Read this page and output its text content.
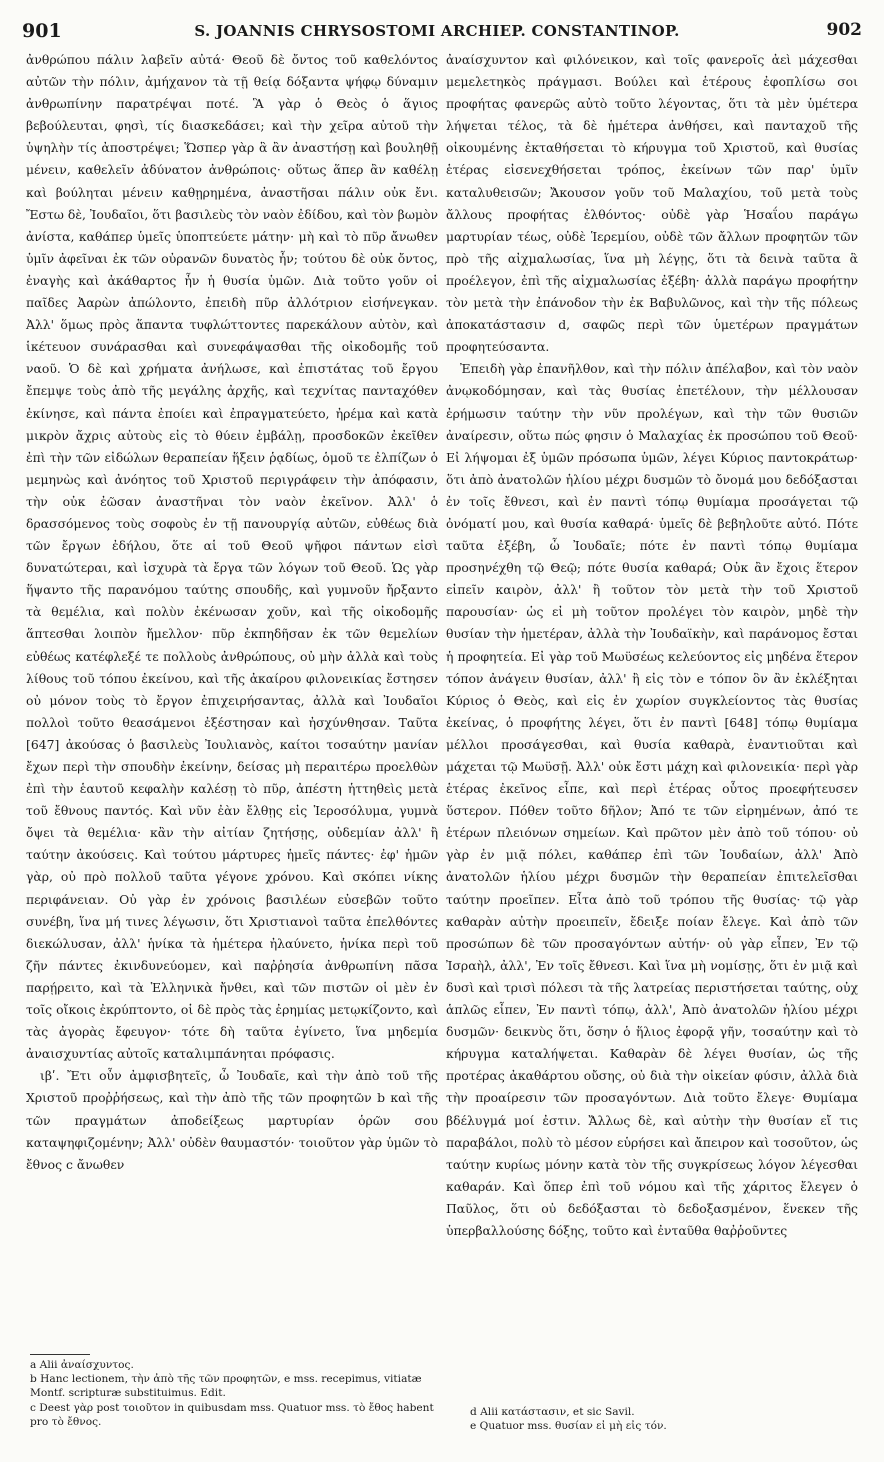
901	S. JOANNIS CHRYSOSTOMI ARCHIEP. CONSTANTINOP.	902

ἀνθρώπου πάλιν λαβεῖν αὐτά· Θεοῦ δὲ ὄντος τοῦ καθελόντος αὐτῶν τὴν πόλιν, ἀμήχανον τὰ τῇ θείᾳ δόξαντα ψήφῳ δύναμιν ἀνθρωπίνην παρατρέψαι ποτέ. Ἃ γὰρ ὁ Θεὸς ὁ ἅγιος βεβούλευται, φησὶ, τίς διασκεδάσει; καὶ τὴν χεῖρα αὐτοῦ τὴν ὑψηλὴν τίς ἀποστρέψει; Ὥσπερ γὰρ ἃ ἂν ἀναστήσῃ καὶ βουληθῇ μένειν, καθελεῖν ἀδύνατον ἀνθρώποις· οὕτως ἅπερ ἂν καθέλῃ καὶ βούληται μένειν καθῃρημένα, ἀναστῆσαι πάλιν οὐκ ἔνι. Ἔστω δὲ, Ἰουδαῖοι, ὅτι βασιλεὺς τὸν ναὸν ἐδίδου, καὶ τὸν βωμὸν ἀνίστα, καθάπερ ὑμεῖς ὑποπτεύετε μάτην· μὴ καὶ τὸ πῦρ ἄνωθεν ὑμῖν ἀφεῖναι ἐκ τῶν οὐρανῶν δυνατὸς ἦν; τούτου δὲ οὐκ ὄντος, ἐναγὴς καὶ ἀκάθαρτος ἦν ἡ θυσία ὑμῶν. Διὰ τοῦτο γοῦν οἱ παῖδες Ἀαρὼν ἀπώλοντο, ἐπειδὴ πῦρ ἀλλότριον εἰσήνεγκαν. Ἀλλ' ὅμως πρὸς ἅπαντα τυφλώττοντες παρεκάλουν αὐτὸν, καὶ ἱκέτευον συνάρασθαι καὶ συνεφάψασθαι τῆς οἰκοδομῆς τοῦ ναοῦ. Ὁ δὲ καὶ χρήματα ἀνήλωσε, καὶ ἐπιστάτας τοῦ ἔργου ἔπεμψε τοὺς ἀπὸ τῆς μεγάλης ἀρχῆς, καὶ τεχνίτας πανταχόθεν ἐκίνησε, καὶ πάντα ἐποίει καὶ ἐπραγματεύετο, ἠρέμα καὶ κατὰ μικρὸν ἄχρις αὐτοὺς εἰς τὸ θύειν ἐμβάλῃ, προσδοκῶν ἐκεῖθεν ἐπὶ τὴν τῶν εἰδώλων θεραπείαν ἥξειν ῥᾳδίως, ὁμοῦ τε ἐλπίζων ὁ μεμηνὼς καὶ ἀνόητος τοῦ Χριστοῦ περιγράφειν τὴν ἀπόφασιν, τὴν οὐκ ἐῶσαν ἀναστῆναι τὸν ναὸν ἐκεῖνον. Ἀλλ' ὁ δρασσόμενος τοὺς σοφοὺς ἐν τῇ πανουργίᾳ αὐτῶν, εὐθέως διὰ τῶν ἔργων ἐδήλου, ὅτε αἱ τοῦ Θεοῦ ψῆφοι πάντων εἰσὶ δυνατώτεραι, καὶ ἰσχυρὰ τὰ ἔργα τῶν λόγων τοῦ Θεοῦ. Ὡς γὰρ ἥψαντο τῆς παρανόμου ταύτης σπουδῆς, καὶ γυμνοῦν ἤρξαντο τὰ θεμέλια, καὶ πολὺν ἐκένωσαν χοῦν, καὶ τῆς οἰκοδομῆς ἅπτεσθαι λοιπὸν ἤμελλον· πῦρ ἐκπηδῆσαν ἐκ τῶν θεμελίων εὐθέως κατέφλεξέ τε πολλοὺς ἀνθρώπους, οὐ μὴν ἀλλὰ καὶ τοὺς λίθους τοῦ τόπου ἐκείνου, καὶ τῆς ἀκαίρου φιλονεικίας ἔστησεν οὐ μόνον τοὺς τὸ ἔργον ἐπιχειρήσαντας, ἀλλὰ καὶ Ἰουδαῖοι πολλοὶ τοῦτο θεασάμενοι ἐξέστησαν καὶ ἠσχύνθησαν. Ταῦτα [647] ἀκούσας ὁ βασιλεὺς Ἰουλιανὸς, καίτοι τοσαύτην μανίαν ἔχων περὶ τὴν σπουδὴν ἐκείνην, δείσας μὴ περαιτέρω προελθὼν ἐπὶ τὴν ἑαυτοῦ κεφαλὴν καλέσῃ τὸ πῦρ, ἀπέστη ἡττηθεὶς μετὰ τοῦ ἔθνους παντός. Καὶ νῦν ἐὰν ἔλθῃς εἰς Ἱεροσόλυμα, γυμνὰ ὄψει τὰ θεμέλια· κἂν τὴν αἰτίαν ζητήσῃς, οὐδεμίαν ἀλλ' ἢ ταύτην ἀκούσεις. Καὶ τούτου μάρτυρες ἡμεῖς πάντες· ἐφ' ἡμῶν γὰρ, οὐ πρὸ πολλοῦ ταῦτα γέγονε χρόνου. Καὶ σκόπει νίκης περιφάνειαν. Οὐ γὰρ ἐν χρόνοις βασιλέων εὐσεβῶν τοῦτο συνέβη, ἵνα μή τινες λέγωσιν, ὅτι Χριστιανοὶ ταῦτα ἐπελθόντες διεκώλυσαν, ἀλλ' ἡνίκα τὰ ἡμέτερα ἠλαύνετο, ἡνίκα περὶ τοῦ ζῆν πάντες ἐκινδυνεύομεν, καὶ παῤῥησία ἀνθρωπίνη πᾶσα παρῄρειτο, καὶ τὰ Ἑλληνικὰ ἤνθει, καὶ τῶν πιστῶν οἱ μὲν ἐν τοῖς οἴκοις ἐκρύπτοντο, οἱ δὲ πρὸς τὰς ἐρημίας μετῳκίζοντο, καὶ τὰς ἀγορὰς ἔφευγον· τότε δὴ ταῦτα ἐγίνετο, ἵνα μηδεμία ἀναισχυντίας αὐτοῖς καταλιμπάνηται πρόφασις.

ιβʹ. Ἔτι οὖν ἀμφισβητεῖς, ὦ Ἰουδαῖε, καὶ τὴν ἀπὸ τοῦ τῆς Χριστοῦ προῤῥήσεως, καὶ τὴν ἀπὸ τῆς τῶν προφητῶν b καὶ τῆς τῶν πραγμάτων ἀποδείξεως μαρτυρίαν ὁρῶν σου καταψηφιζομένην; Ἀλλ' οὐδὲν θαυμαστόν· τοιοῦτον γὰρ ὑμῶν τὸ ἔθνος c ἄνωθεν

ἀναίσχυντον καὶ φιλόνεικον, καὶ τοῖς φανεροῖς ἀεὶ μάχεσθαι μεμελετηκὸς πράγμασι. Βούλει καὶ ἑτέρους ἐφοπλίσω σοι προφήτας φανερῶς αὐτὸ τοῦτο λέγοντας, ὅτι τὰ μὲν ὑμέτερα λήψεται τέλος, τὰ δὲ ἡμέτερα ἀνθήσει, καὶ πανταχοῦ τῆς οἰκουμένης ἐκταθήσεται τὸ κήρυγμα τοῦ Χριστοῦ, καὶ θυσίας ἑτέρας εἰσενεχθήσεται τρόπος, ἐκείνων τῶν παρ' ὑμῖν καταλυθεισῶν; Ἄκουσον γοῦν τοῦ Μαλαχίου, τοῦ μετὰ τοὺς ἄλλους προφήτας ἐλθόντος· οὐδὲ γὰρ Ἡσαΐου παράγω μαρτυρίαν τέως, οὐδὲ Ἱερεμίου, οὐδὲ τῶν ἄλλων προφητῶν τῶν πρὸ τῆς αἰχμαλωσίας, ἵνα μὴ λέγῃς, ὅτι τὰ δεινὰ ταῦτα ἃ προέλεγον, ἐπὶ τῆς αἰχμαλωσίας ἐξέβη· ἀλλὰ παράγω προφήτην τὸν μετὰ τὴν ἐπάνοδον τὴν ἐκ Βαβυλῶνος, καὶ τὴν τῆς πόλεως ἀποκατάστασιν d, σαφῶς περὶ τῶν ὑμετέρων πραγμάτων προφητεύσαντα.

Ἐπειδὴ γὰρ ἐπανῆλθον, καὶ τὴν πόλιν ἀπέλαβον, καὶ τὸν ναὸν ἀνῳκοδόμησαν, καὶ τὰς θυσίας ἐπετέλουν, τὴν μέλλουσαν ἐρήμωσιν ταύτην τὴν νῦν προλέγων, καὶ τὴν τῶν θυσιῶν ἀναίρεσιν, οὕτω πώς φησιν ὁ Μαλαχίας ἐκ προσώπου τοῦ Θεοῦ· Εἰ λήψομαι ἐξ ὑμῶν πρόσωπα ὑμῶν, λέγει Κύριος παντοκράτωρ· ὅτι ἀπὸ ἀνατολῶν ἡλίου μέχρι δυσμῶν τὸ ὄνομά μου δεδόξασται ἐν τοῖς ἔθνεσι, καὶ ἐν παντὶ τόπῳ θυμίαμα προσάγεται τῷ ὀνόματί μου, καὶ θυσία καθαρά· ὑμεῖς δὲ βεβηλοῦτε αὐτό. Πότε ταῦτα ἐξέβη, ὦ Ἰουδαῖε; πότε ἐν παντὶ τόπῳ θυμίαμα προσηνέχθη τῷ Θεῷ; πότε θυσία καθαρά; Οὐκ ἂν ἔχοις ἕτερον εἰπεῖν καιρὸν, ἀλλ' ἢ τοῦτον τὸν μετὰ τὴν τοῦ Χριστοῦ παρουσίαν· ὡς εἰ μὴ τοῦτον προλέγει τὸν καιρὸν, μηδὲ τὴν θυσίαν τὴν ἡμετέραν, ἀλλὰ τὴν Ἰουδαϊκὴν, καὶ παράνομος ἔσται ἡ προφητεία. Εἰ γὰρ τοῦ Μωϋσέως κελεύοντος εἰς μηδένα ἕτερον τόπον ἀνάγειν θυσίαν, ἀλλ' ἢ εἰς τὸν e τόπον ὃν ἂν ἐκλέξηται Κύριος ὁ Θεὸς, καὶ εἰς ἐν χωρίον συγκλείοντος τὰς θυσίας ἐκείνας, ὁ προφήτης λέγει, ὅτι ἐν παντὶ [648] τόπῳ θυμίαμα μέλλοι προσάγεσθαι, καὶ θυσία καθαρὰ, ἐναντιοῦται καὶ μάχεται τῷ Μωϋσῇ. Ἀλλ' οὐκ ἔστι μάχη καὶ φιλονεικία· περὶ γὰρ ἑτέρας ἐκεῖνος εἶπε, καὶ περὶ ἑτέρας οὗτος προεφήτευσεν ὕστερον. Πόθεν τοῦτο δῆλον; Ἀπό τε τῶν εἰρημένων, ἀπό τε ἑτέρων πλειόνων σημείων. Καὶ πρῶτον μὲν ἀπὸ τοῦ τόπου· οὐ γὰρ ἐν μιᾷ πόλει, καθάπερ ἐπὶ τῶν Ἰουδαίων, ἀλλ' Ἀπὸ ἀνατολῶν ἡλίου μέχρι δυσμῶν τὴν θεραπείαν ἐπιτελεῖσθαι ταύτην προεῖπεν. Εἶτα ἀπὸ τοῦ τρόπου τῆς θυσίας· τῷ γὰρ καθαρὰν αὐτὴν προειπεῖν, ἔδειξε ποίαν ἔλεγε. Καὶ ἀπὸ τῶν προσώπων δὲ τῶν προσαγόντων αὐτήν· οὐ γὰρ εἶπεν, Ἐν τῷ Ἰσραὴλ, ἀλλ', Ἐν τοῖς ἔθνεσι. Καὶ ἵνα μὴ νομίσῃς, ὅτι ἐν μιᾷ καὶ δυσὶ καὶ τρισὶ πόλεσι τὰ τῆς λατρείας περιστήσεται ταύτης, οὐχ ἁπλῶς εἶπεν, Ἐν παντὶ τόπῳ, ἀλλ', Ἀπὸ ἀνατολῶν ἡλίου μέχρι δυσμῶν· δεικνὺς ὅτι, ὅσην ὁ ἥλιος ἐφορᾷ γῆν, τοσαύτην καὶ τὸ κήρυγμα καταλήψεται. Καθαρὰν δὲ λέγει θυσίαν, ὡς τῆς προτέρας ἀκαθάρτου οὔσης, οὐ διὰ τὴν οἰκείαν φύσιν, ἀλλὰ διὰ τὴν προαίρεσιν τῶν προσαγόντων. Διὰ τοῦτο ἔλεγε· Θυμίαμα βδέλυγμά μοί ἐστιν. Ἄλλως δὲ, καὶ αὐτὴν τὴν θυσίαν εἴ τις παραβάλοι, πολὺ τὸ μέσον εὑρήσει καὶ ἄπειρον καὶ τοσοῦτον, ὡς ταύτην κυρίως μόνην κατὰ τὸν τῆς συγκρίσεως λόγον λέγεσθαι καθαράν. Καὶ ὅπερ ἐπὶ τοῦ νόμου καὶ τῆς χάριτος ἔλεγεν ὁ Παῦλος, ὅτι οὐ δεδόξασται τὸ δεδοξασμένον, ἕνεκεν τῆς ὑπερβαλλούσης δόξης, τοῦτο καὶ ἐνταῦθα θαῤῥοῦντες

a Alii ἀναίσχυντος.

b Hanc lectionem, τὴν ἀπὸ τῆς τῶν προφητῶν, e mss. recepimus, vitiatæ Montf. scripturæ substituimus. Edit.

c Deest γὰρ post τοιοῦτον in quibusdam mss. Quatuor mss. τὸ ἔθος habent pro τὸ ἔθνος.

d Alii κατάστασιν, et sic Savil.

e Quatuor mss. θυσίαν εἰ μὴ εἰς τόν.
